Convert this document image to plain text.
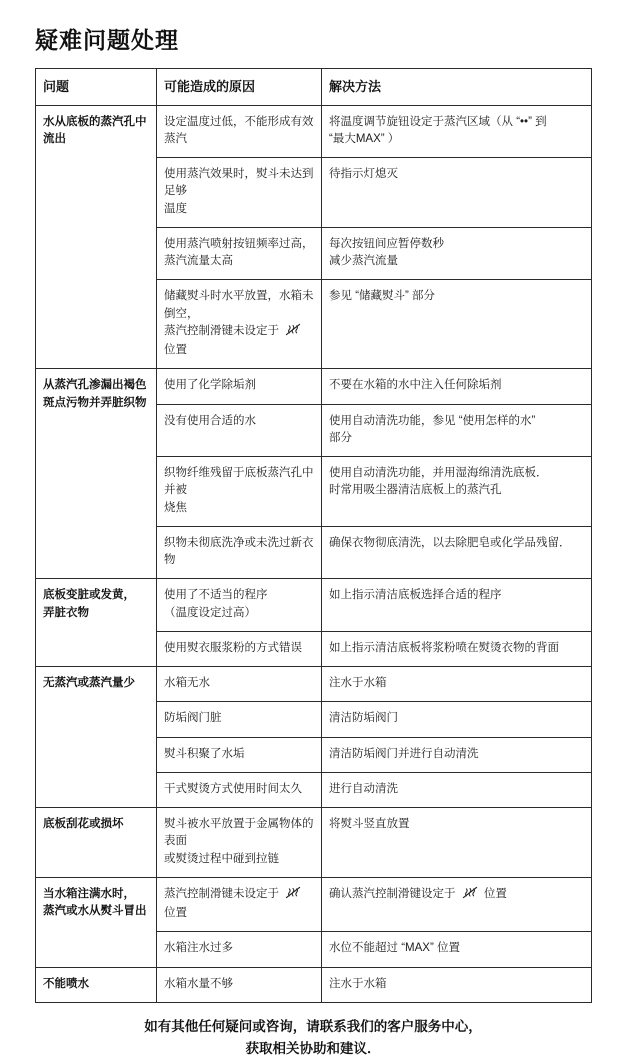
疑难问题处理
问题	可能造成的原因	解决方法
水从底板的蒸汽孔中流出	设定温度过低，不能形成有效蒸汽	将温度调节旋钮设定于蒸汽区域（从 “••” 到
“最大MAX” ）
	使用蒸汽效果时，熨斗未达到足够
温度	待指示灯熄灭
	使用蒸汽喷射按钮频率过高，
蒸汽流量太高	每次按钮间应暂停数秒
减少蒸汽流量
	储藏熨斗时水平放置，水箱未倒空，
蒸汽控制滑键未设定于  位置	参见 “储藏熨斗” 部分
从蒸汽孔渗漏出褐色
斑点污物并弄脏织物	使用了化学除垢剂	不要在水箱的水中注入任何除垢剂
	没有使用合适的水	使用自动清洗功能，参见 “使用怎样的水”
部分
	织物纤维残留于底板蒸汽孔中并被
烧焦	使用自动清洗功能，并用湿海绵清洗底板．
时常用吸尘器清洁底板上的蒸汽孔
	织物未彻底洗净或未洗过新衣物	确保衣物彻底清洗，以去除肥皂或化学品残留．
底板变脏或发黄，
弄脏衣物	使用了不适当的程序
（温度设定过高）	如上指示清洁底板选择合适的程序
	使用熨衣服浆粉的方式错误	如上指示清洁底板将浆粉喷在熨烫衣物的背面
无蒸汽或蒸汽量少	水箱无水	注水于水箱
	防垢阀门脏	清洁防垢阀门
	熨斗积聚了水垢	清洁防垢阀门并进行自动清洗
	干式熨烫方式使用时间太久	进行自动清洗
底板刮花或损坏	熨斗被水平放置于金属物体的表面
或熨烫过程中碰到拉链	将熨斗竖直放置
当水箱注满水时，
蒸汽或水从熨斗冒出	蒸汽控制滑键未设定于  位置	确认蒸汽控制滑键设定于  位置
	水箱注水过多	水位不能超过 “MAX” 位置
不能喷水	水箱水量不够	注水于水箱
如有其他任何疑问或咨询，请联系我们的客户服务中心，
获取相关协助和建议．
